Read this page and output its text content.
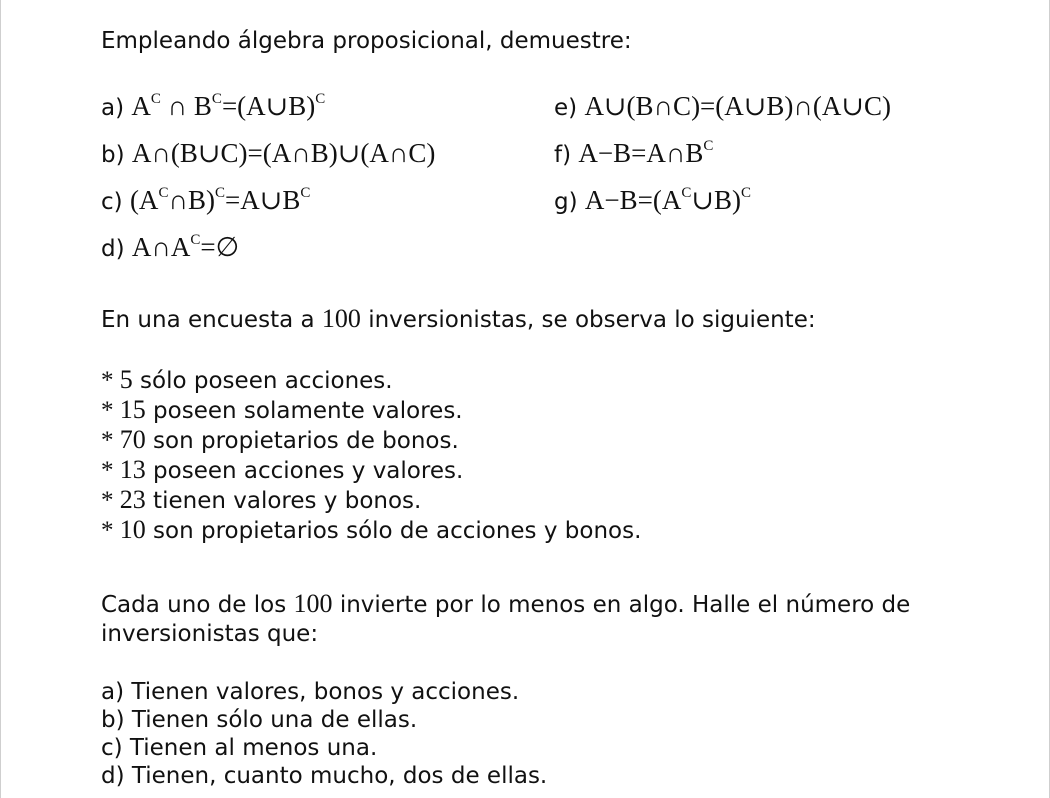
Empleando álgebra proposicional, demuestre:
a) $A^C$ ∩ $B^C=(A\cup B)^C$
b) A∩(B∪C)=(A∩B)∪(A∩C)
c) $(A^C\cap B)^C=A\cup B^C$
d) $A\cap A^C=\emptyset$
e) A∪(B∩C)=(A∪B)∩(A∪C)
f) $A-B=A\cap B^C$
g) $A-B=(A^C\cup B)^C$
En una encuesta a 100 inversionistas, se observa lo siguiente:
* 5 sólo poseen acciones.
* 15 poseen solamente valores.
* 70 son propietarios de bonos.
* 13 poseen acciones y valores.
* 23 tienen valores y bonos.
* 10 son propietarios sólo de acciones y bonos.
Cada uno de los 100 invierte por lo menos en algo. Halle el número de
inversionistas que:
a) Tienen valores, bonos y acciones.
b) Tienen sólo una de ellas.
c) Tienen al menos una.
d) Tienen, cuanto mucho, dos de ellas.
